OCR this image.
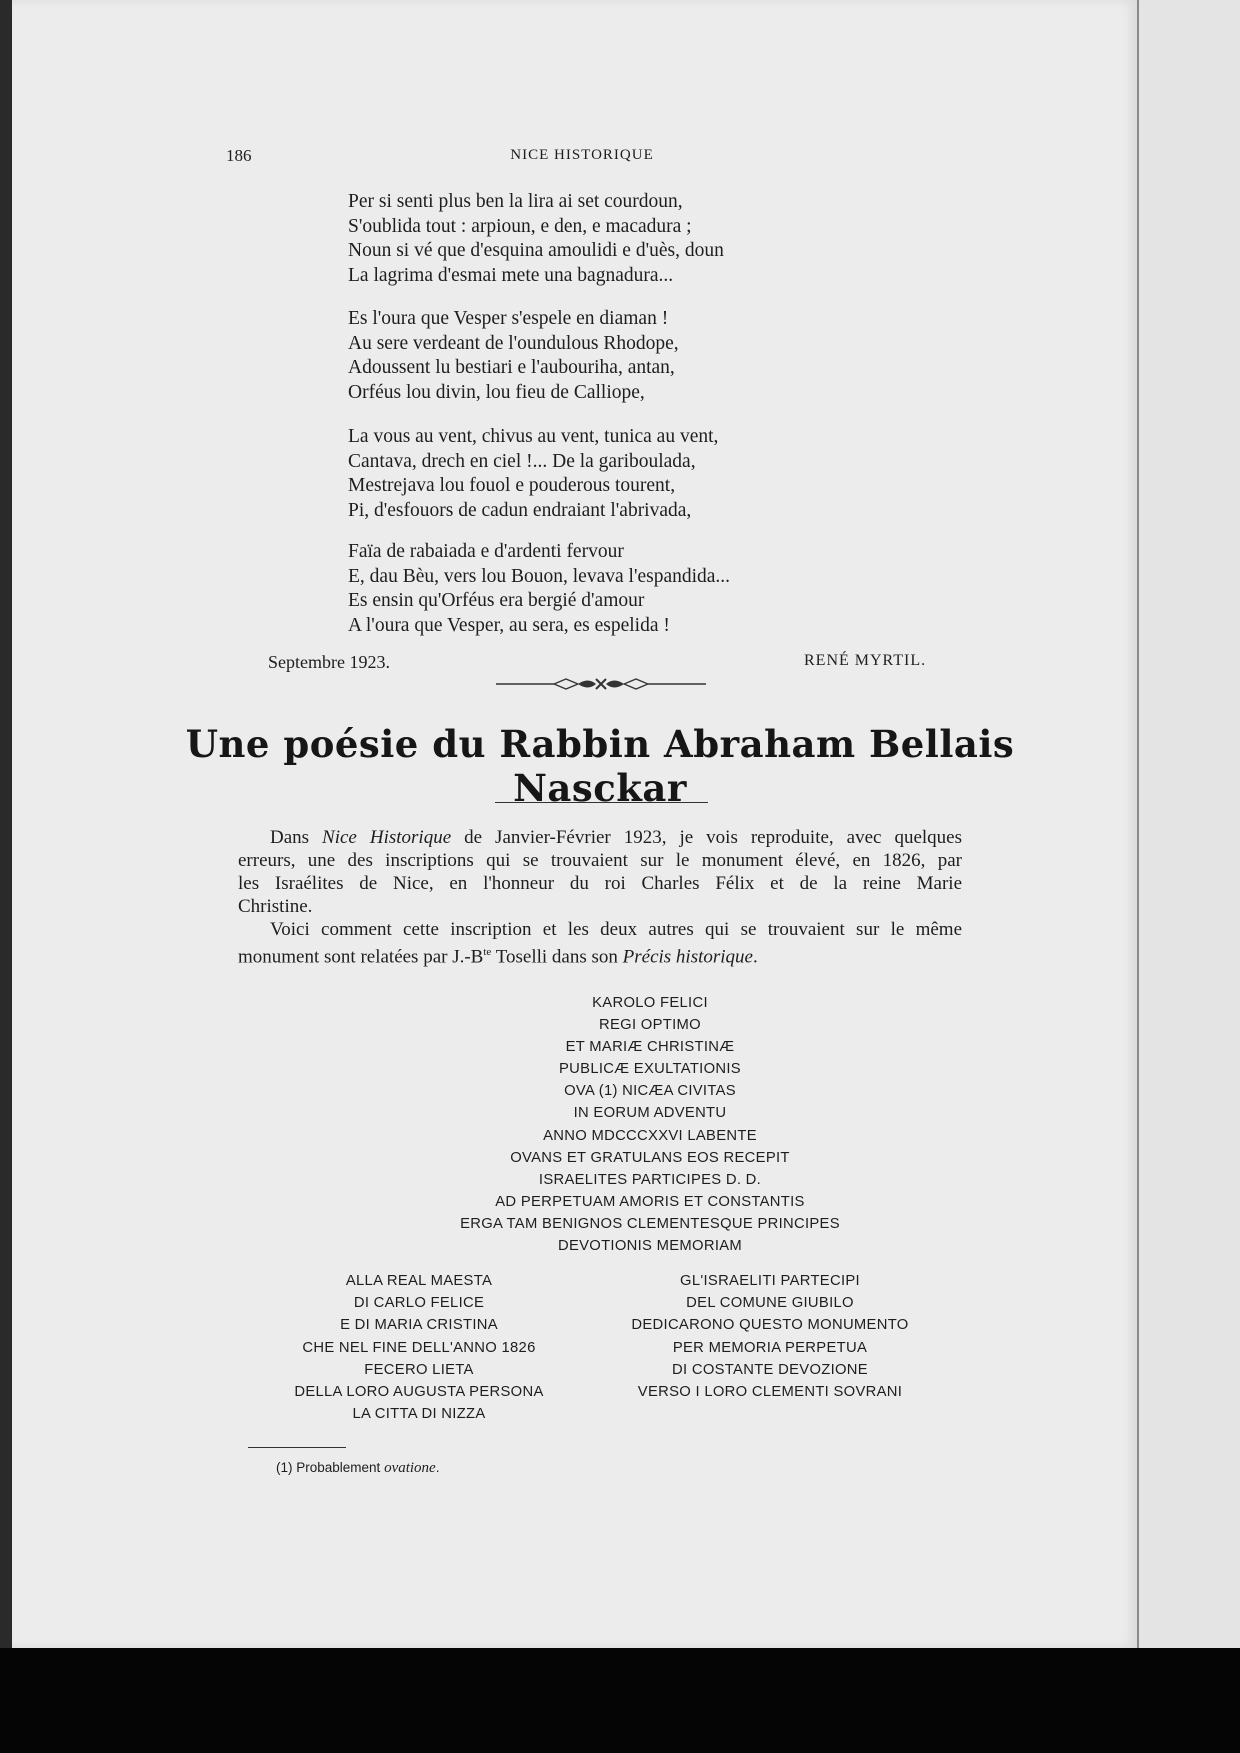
186	NICE HISTORIQUE
Per si senti plus ben la lira ai set courdoun,
S'oublida tout : arpioun, e den, e macadura ;
Noun si vé que d'esquina amoulidi e d'uès, doun
La lagrima d'esmai mete una bagnadura...
Es l'oura que Vesper s'espele en diaman !
Au sere verdeant de l'oundulous Rhodope,
Adoussent lu bestiari e l'aubouriha, antan,
Orféus lou divin, lou fieu de Calliope,
La vous au vent, chivus au vent, tunica au vent,
Cantava, drech en ciel !... De la gariboulada,
Mestrejava lou fouol e pouderous tourent,
Pi, d'esfouors de cadun endraiant l'abrivada,
Faïa de rabaiada e d'ardenti fervour
E, dau Bèu, vers lou Bouon, levava l'espandida...
Es ensin qu'Orféus era bergié d'amour
A l'oura que Vesper, au sera, es espelida !
Septembre 1923.	RENÉ MYRTIL.
Une poésie du Rabbin Abraham Bellais Nasckar
Dans Nice Historique de Janvier-Février 1923, je vois reproduite, avec quelques
erreurs, une des inscriptions qui se trouvaient sur le monument élevé, en 1826, par
les Israélites de Nice, en l'honneur du roi Charles Félix et de la reine Marie
Christine.
Voici comment cette inscription et les deux autres qui se trouvaient sur le même
monument sont relatées par $J.-B^{te}$ Toselli dans son Précis historique.
KAROLO FELICI
REGI OPTIMO
ET MARIÆ CHRISTINÆ
PUBLICÆ EXULTATIONIS
OVA (1) NICÆA CIVITAS
IN EORUM ADVENTU
ANNO MDCCCXXVI LABENTE
OVANS ET GRATULANS EOS RECEPIT
ISRAELITES PARTICIPES D. D.
AD PERPETUAM AMORIS ET CONSTANTIS
ERGA TAM BENIGNOS CLEMENTESQUE PRINCIPES
DEVOTIONIS MEMORIAM
ALLA REAL MAESTA
DI CARLO FELICE
E DI MARIA CRISTINA
CHE NEL FINE DELL'ANNO 1826
FECERO LIETA
DELLA LORO AUGUSTA PERSONA
LA CITTA DI NIZZA
GL'ISRAELITI PARTECIPI
DEL COMUNE GIUBILO
DEDICARONO QUESTO MONUMENTO
PER MEMORIA PERPETUA
DI COSTANTE DEVOZIONE
VERSO I LORO CLEMENTI SOVRANI
(1) Probablement ovatione.
